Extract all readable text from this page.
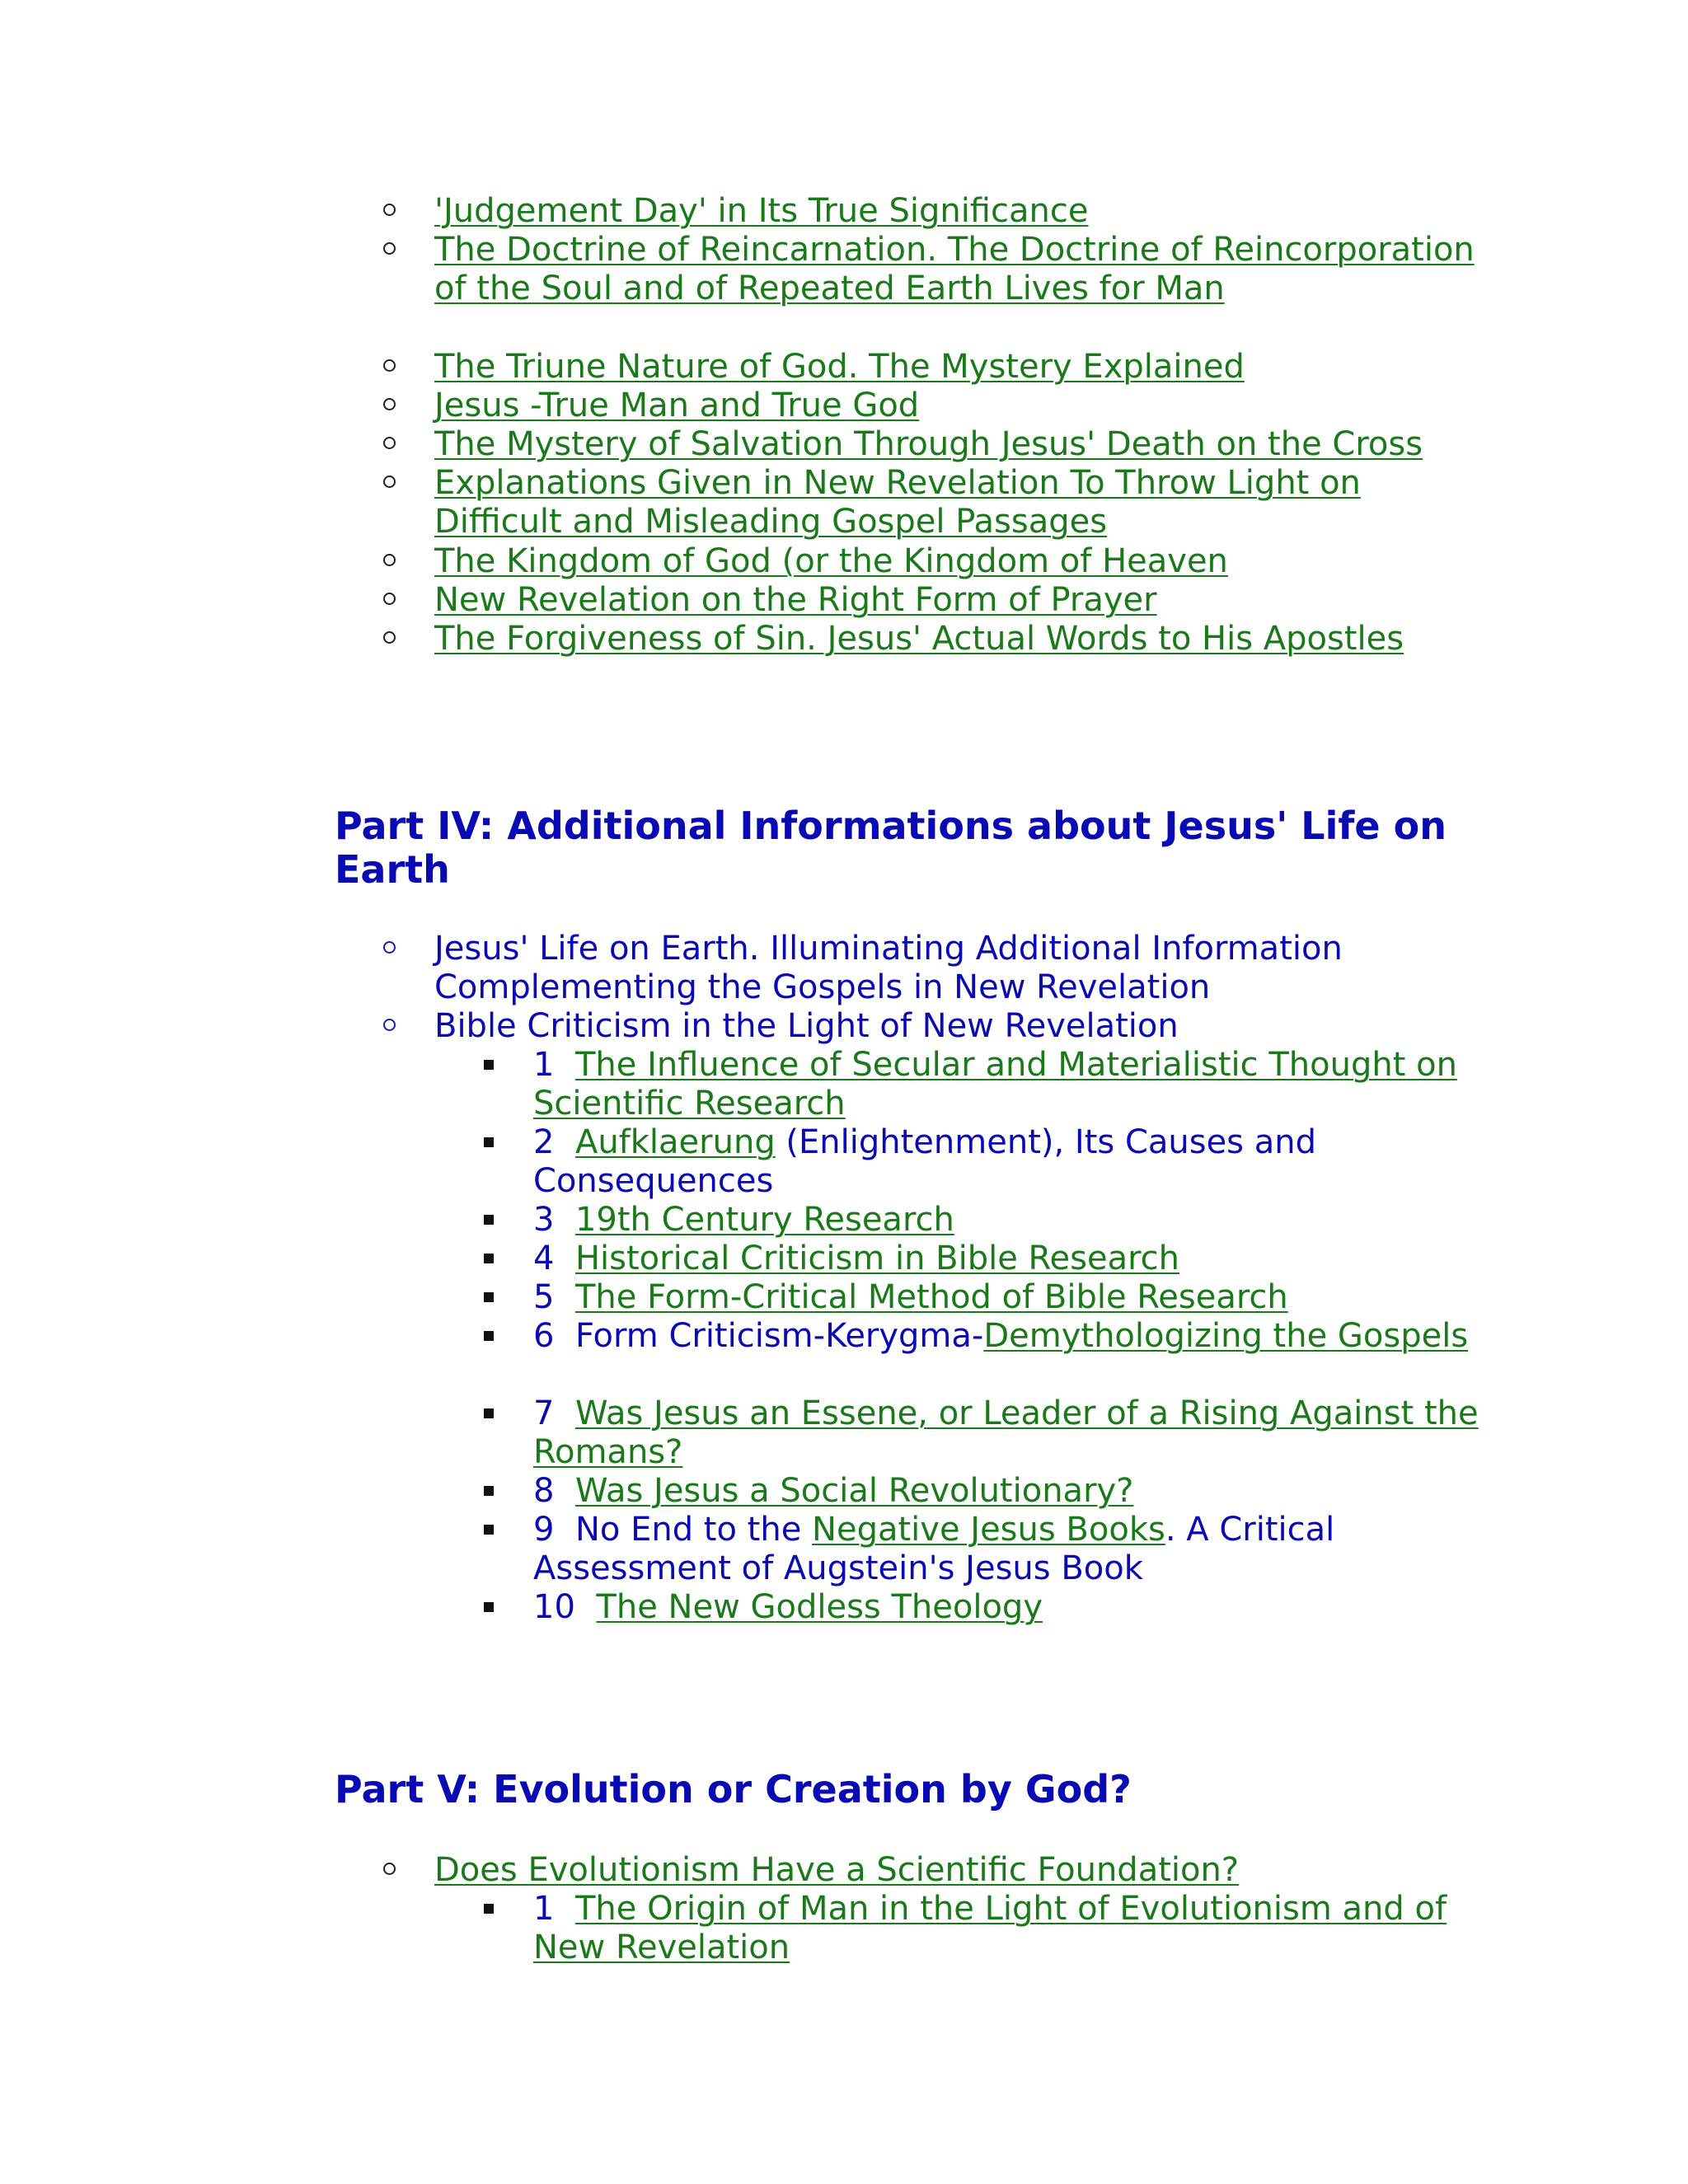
'Judgement Day' in Its True Significance
The Doctrine of Reincarnation. The Doctrine of Reincorporation of the Soul and of Repeated Earth Lives for Man
The Triune Nature of God. The Mystery Explained
Jesus -True Man and True God
The Mystery of Salvation Through Jesus' Death on the Cross
Explanations Given in New Revelation To Throw Light on Difficult and Misleading Gospel Passages
The Kingdom of God (or the Kingdom of Heaven
New Revelation on the Right Form of Prayer
The Forgiveness of Sin. Jesus' Actual Words to His Apostles
Part IV: Additional Informations about Jesus' Life on Earth
Jesus' Life on Earth. Illuminating Additional Information Complementing the Gospels in New Revelation
Bible Criticism in the Light of New Revelation
1 The Influence of Secular and Materialistic Thought on Scientific Research
2 Aufklaerung (Enlightenment), Its Causes and Consequences
3 19th Century Research
4 Historical Criticism in Bible Research
5 The Form-Critical Method of Bible Research
6 Form Criticism-Kerygma-Demythologizing the Gospels
7 Was Jesus an Essene, or Leader of a Rising Against the Romans?
8 Was Jesus a Social Revolutionary?
9 No End to the Negative Jesus Books. A Critical Assessment of Augstein's Jesus Book
10 The New Godless Theology
Part V: Evolution or Creation by God?
Does Evolutionism Have a Scientific Foundation?
1 The Origin of Man in the Light of Evolutionism and of New Revelation
